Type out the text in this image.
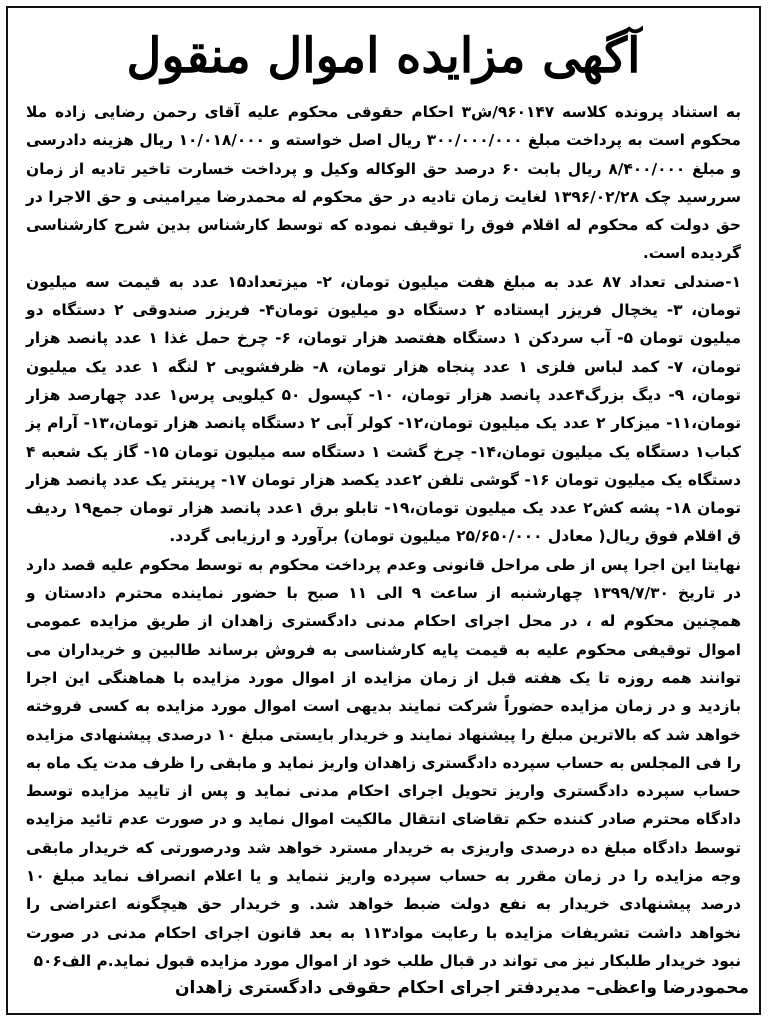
آگهی مزایده اموال منقول

به استناد پرونده کلاسه ۹۶۰۱۴۷/ش۳ احکام حقوقی محکوم علیه آقای رحمن رضایی زاده ملا محکوم است به پرداخت مبلغ ۳۰۰/۰۰۰/۰۰۰ ریال اصل خواسته و ۱۰/۰۱۸/۰۰۰ ریال هزینه دادرسی و مبلغ ۸/۴۰۰/۰۰۰ ریال بابت ۶۰ درصد حق الوکاله وکیل و پرداخت خسارت تاخیر تادیه از زمان سررسید چک ۱۳۹۶/۰۲/۲۸ لغایت زمان تادیه در حق محکوم له محمدرضا میرامینی و حق الاجرا در حق دولت که محکوم له اقلام فوق را توقیف نموده که توسط کارشناس بدین شرح کارشناسی گردیده است.

۱-صندلی تعداد ۸۷ عدد به مبلغ هفت میلیون تومان، ۲- میزتعداد۱۵ عدد به قیمت سه میلیون تومان، ۳- یخچال فریزر ایستاده ۲ دستگاه دو میلیون تومان۴- فریزر صندوقی ۲ دستگاه دو میلیون تومان ۵- آب سردکن ۱ دستگاه هفتصد هزار تومان، ۶- چرخ حمل غذا ۱ عدد پانصد هزار تومان، ۷- کمد لباس فلزی ۱ عدد پنجاه هزار تومان، ۸- ظرفشویی ۲ لنگه ۱ عدد یک میلیون تومان، ۹- دیگ بزرگ۴عدد پانصد هزار تومان، ۱۰- کپسول ۵۰ کیلویی پرس۱ عدد چهارصد هزار تومان،۱۱- میزکار ۲ عدد یک میلیون تومان،۱۲- کولر آبی ۲ دستگاه پانصد هزار تومان،۱۳- آرام پز کباب۱ دستگاه یک میلیون تومان،۱۴- چرخ گشت ۱ دستگاه سه میلیون تومان ۱۵- گاز یک شعبه ۴ دستگاه یک میلیون تومان ۱۶- گوشی تلفن ۲عدد یکصد هزار تومان ۱۷- پرینتر یک عدد پانصد هزار تومان ۱۸- پشه کش۲ عدد یک میلیون تومان،۱۹- تابلو برق ۱عدد پانصد هزار تومان جمع۱۹ ردیف ق اقلام فوق ریال( معادل ۲۵/۶۵۰/۰۰۰ میلیون تومان) برآورد و ارزیابی گردد.

نهایتا این اجرا پس از طی مراحل قانونی وعدم پرداخت محکوم به توسط محکوم علیه قصد دارد در تاریخ ۱۳۹۹/۷/۳۰ چهارشنبه از ساعت ۹ الی ۱۱ صبح با حضور نماینده محترم دادستان و همچنین محکوم له ، در محل اجرای احکام مدنی دادگستری زاهدان از طریق مزایده عمومی اموال توقیفی محکوم علیه به قیمت پایه کارشناسی به فروش برساند طالبین و خریداران می توانند همه روزه تا یک هفته قبل از زمان مزایده از اموال مورد مزایده با هماهنگی این اجرا بازدید و در زمان مزایده حضوراً شرکت نمایند بدیهی است اموال مورد مزایده به کسی فروخته خواهد شد که بالاترین مبلغ را پیشنهاد نمایند و خریدار بایستی مبلغ ۱۰ درصدی پیشنهادی مزایده را فی المجلس به حساب سپرده دادگستری زاهدان واریز نماید و مابقی را ظرف مدت یک ماه به حساب سپرده دادگستری واریز تحویل اجرای احکام مدنی نماید و پس از تایید مزایده توسط دادگاه محترم صادر کننده حکم تقاضای انتقال مالکیت اموال نماید و در صورت عدم تائید مزایده توسط دادگاه مبلغ ده درصدی واریزی به خریدار مسترد خواهد شد ودرصورتی که خریدار مابقی وجه مزایده را در زمان مقرر به حساب سپرده واریز ننماید و یا اعلام انصراف نماید مبلغ ۱۰ درصد پیشنهادی خریدار به نفع دولت ضبط خواهد شد. و خریدار حق هیچگونه اعتراضی را نخواهد داشت تشریفات مزایده با رعایت مواد۱۱۳ به بعد قانون اجرای احکام مدنی در صورت نبود خریدار طلبکار نیز می تواند در قبال طلب خود از اموال مورد مزایده قبول نماید.م الف۵۰۶

محمودرضا واعظی– مدیردفتر اجرای احکام حقوقی دادگستری زاهدان
